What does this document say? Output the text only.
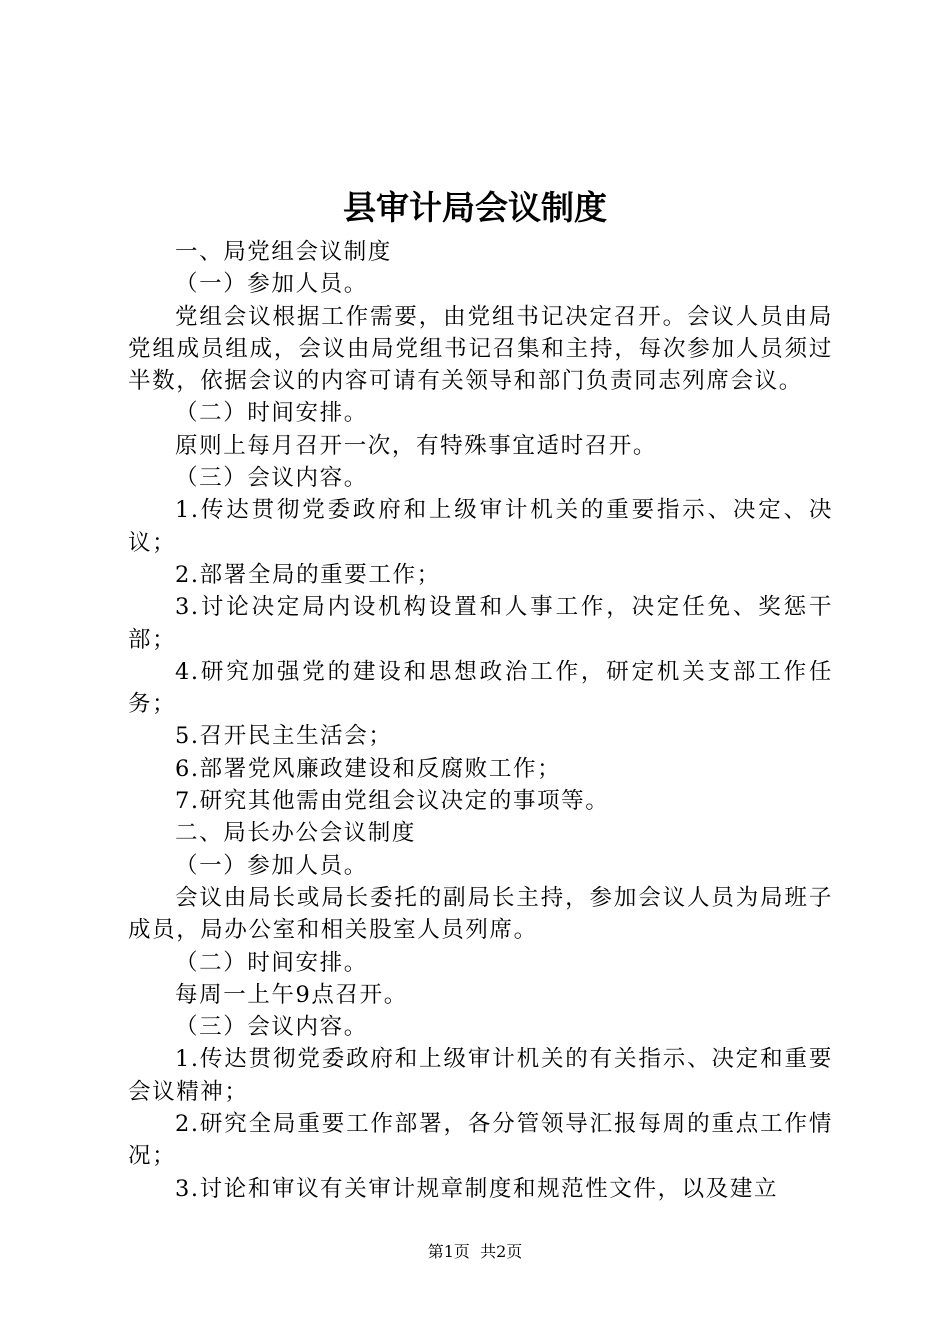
县审计局会议制度

一、局党组会议制度

（一）参加人员。

党组会议根据工作需要，由党组书记决定召开。会议人员由局党组成员组成，会议由局党组书记召集和主持，每次参加人员须过半数，依据会议的内容可请有关领导和部门负责同志列席会议。

（二）时间安排。

原则上每月召开一次，有特殊事宜适时召开。

（三）会议内容。

1.传达贯彻党委政府和上级审计机关的重要指示、决定、决议；

2.部署全局的重要工作；

3.讨论决定局内设机构设置和人事工作，决定任免、奖惩干部；

4.研究加强党的建设和思想政治工作，研定机关支部工作任务；

5.召开民主生活会；

6.部署党风廉政建设和反腐败工作；

7.研究其他需由党组会议决定的事项等。

二、局长办公会议制度

（一）参加人员。

会议由局长或局长委托的副局长主持，参加会议人员为局班子成员，局办公室和相关股室人员列席。

（二）时间安排。

每周一上午9点召开。

（三）会议内容。

1.传达贯彻党委政府和上级审计机关的有关指示、决定和重要会议精神；

2.研究全局重要工作部署，各分管领导汇报每周的重点工作情况；

3.讨论和审议有关审计规章制度和规范性文件，以及建立

第1页 共2页
